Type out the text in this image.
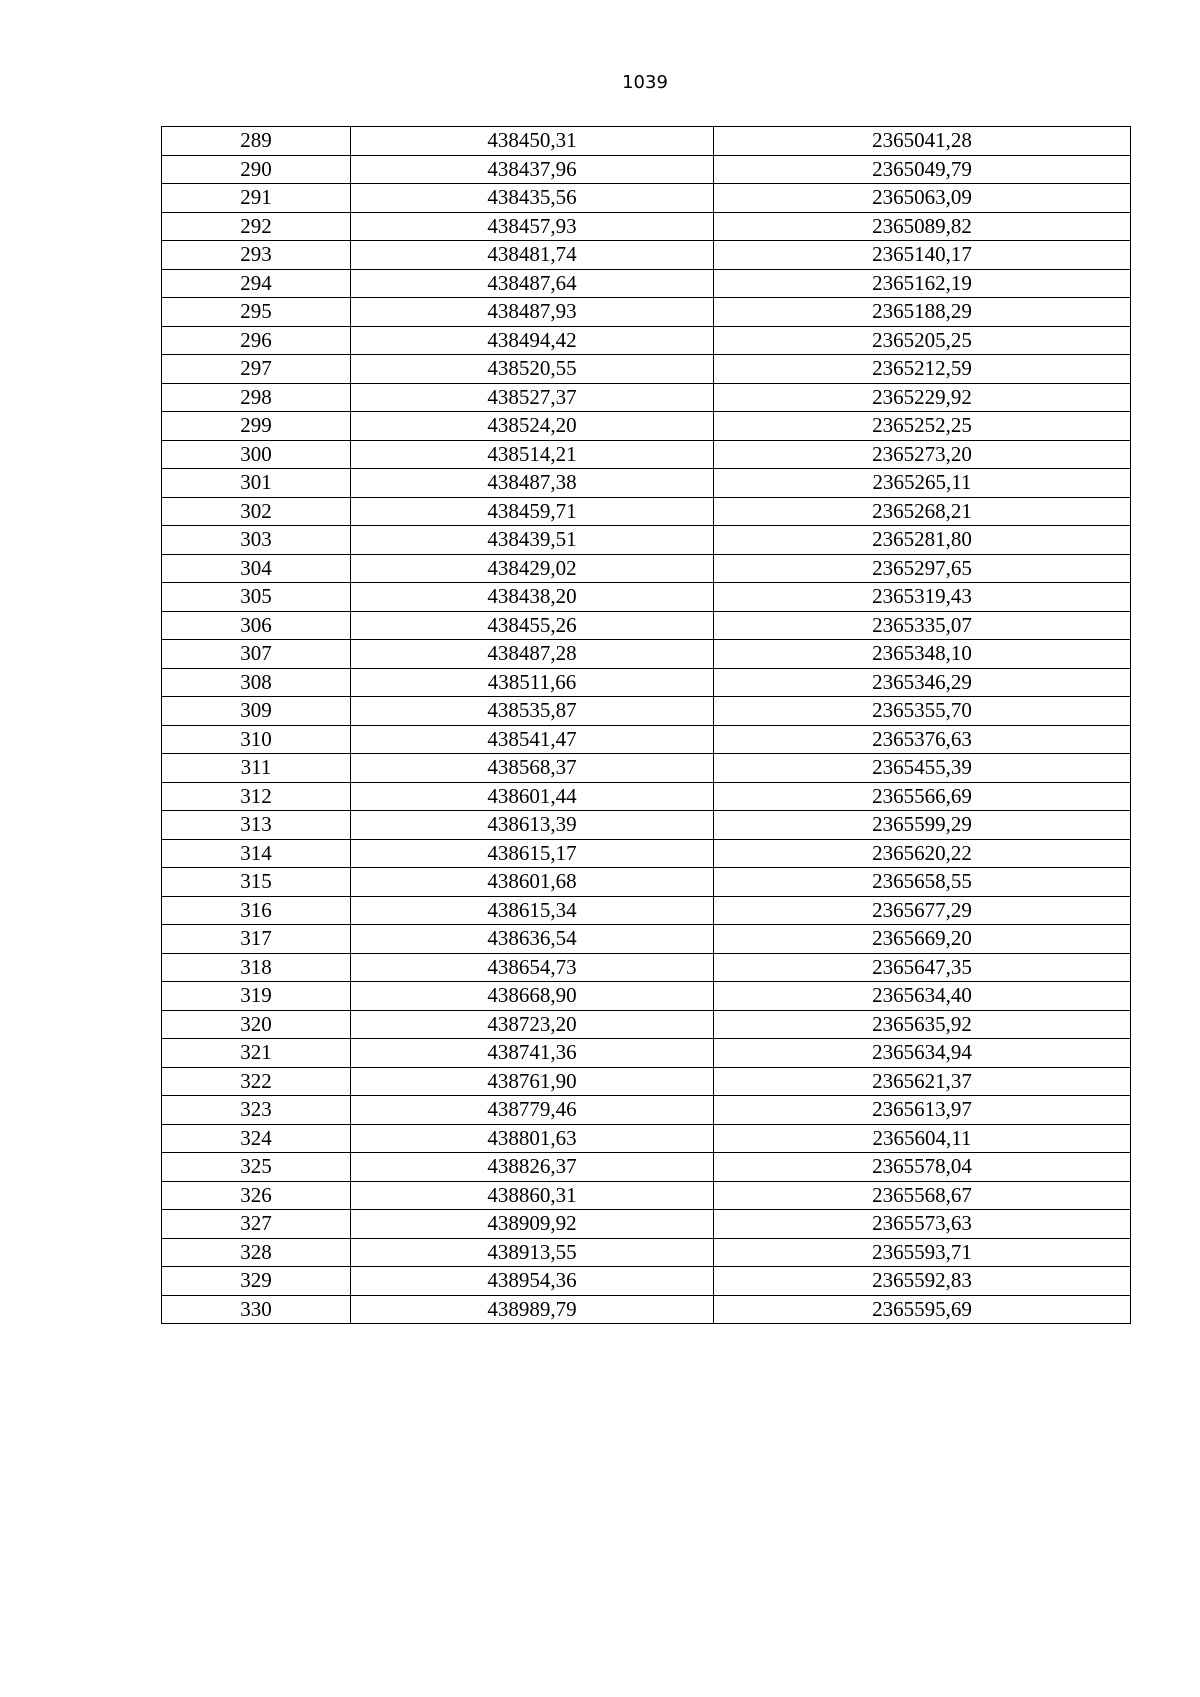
1039
289	438450,31	2365041,28
290	438437,96	2365049,79
291	438435,56	2365063,09
292	438457,93	2365089,82
293	438481,74	2365140,17
294	438487,64	2365162,19
295	438487,93	2365188,29
296	438494,42	2365205,25
297	438520,55	2365212,59
298	438527,37	2365229,92
299	438524,20	2365252,25
300	438514,21	2365273,20
301	438487,38	2365265,11
302	438459,71	2365268,21
303	438439,51	2365281,80
304	438429,02	2365297,65
305	438438,20	2365319,43
306	438455,26	2365335,07
307	438487,28	2365348,10
308	438511,66	2365346,29
309	438535,87	2365355,70
310	438541,47	2365376,63
311	438568,37	2365455,39
312	438601,44	2365566,69
313	438613,39	2365599,29
314	438615,17	2365620,22
315	438601,68	2365658,55
316	438615,34	2365677,29
317	438636,54	2365669,20
318	438654,73	2365647,35
319	438668,90	2365634,40
320	438723,20	2365635,92
321	438741,36	2365634,94
322	438761,90	2365621,37
323	438779,46	2365613,97
324	438801,63	2365604,11
325	438826,37	2365578,04
326	438860,31	2365568,67
327	438909,92	2365573,63
328	438913,55	2365593,71
329	438954,36	2365592,83
330	438989,79	2365595,69
